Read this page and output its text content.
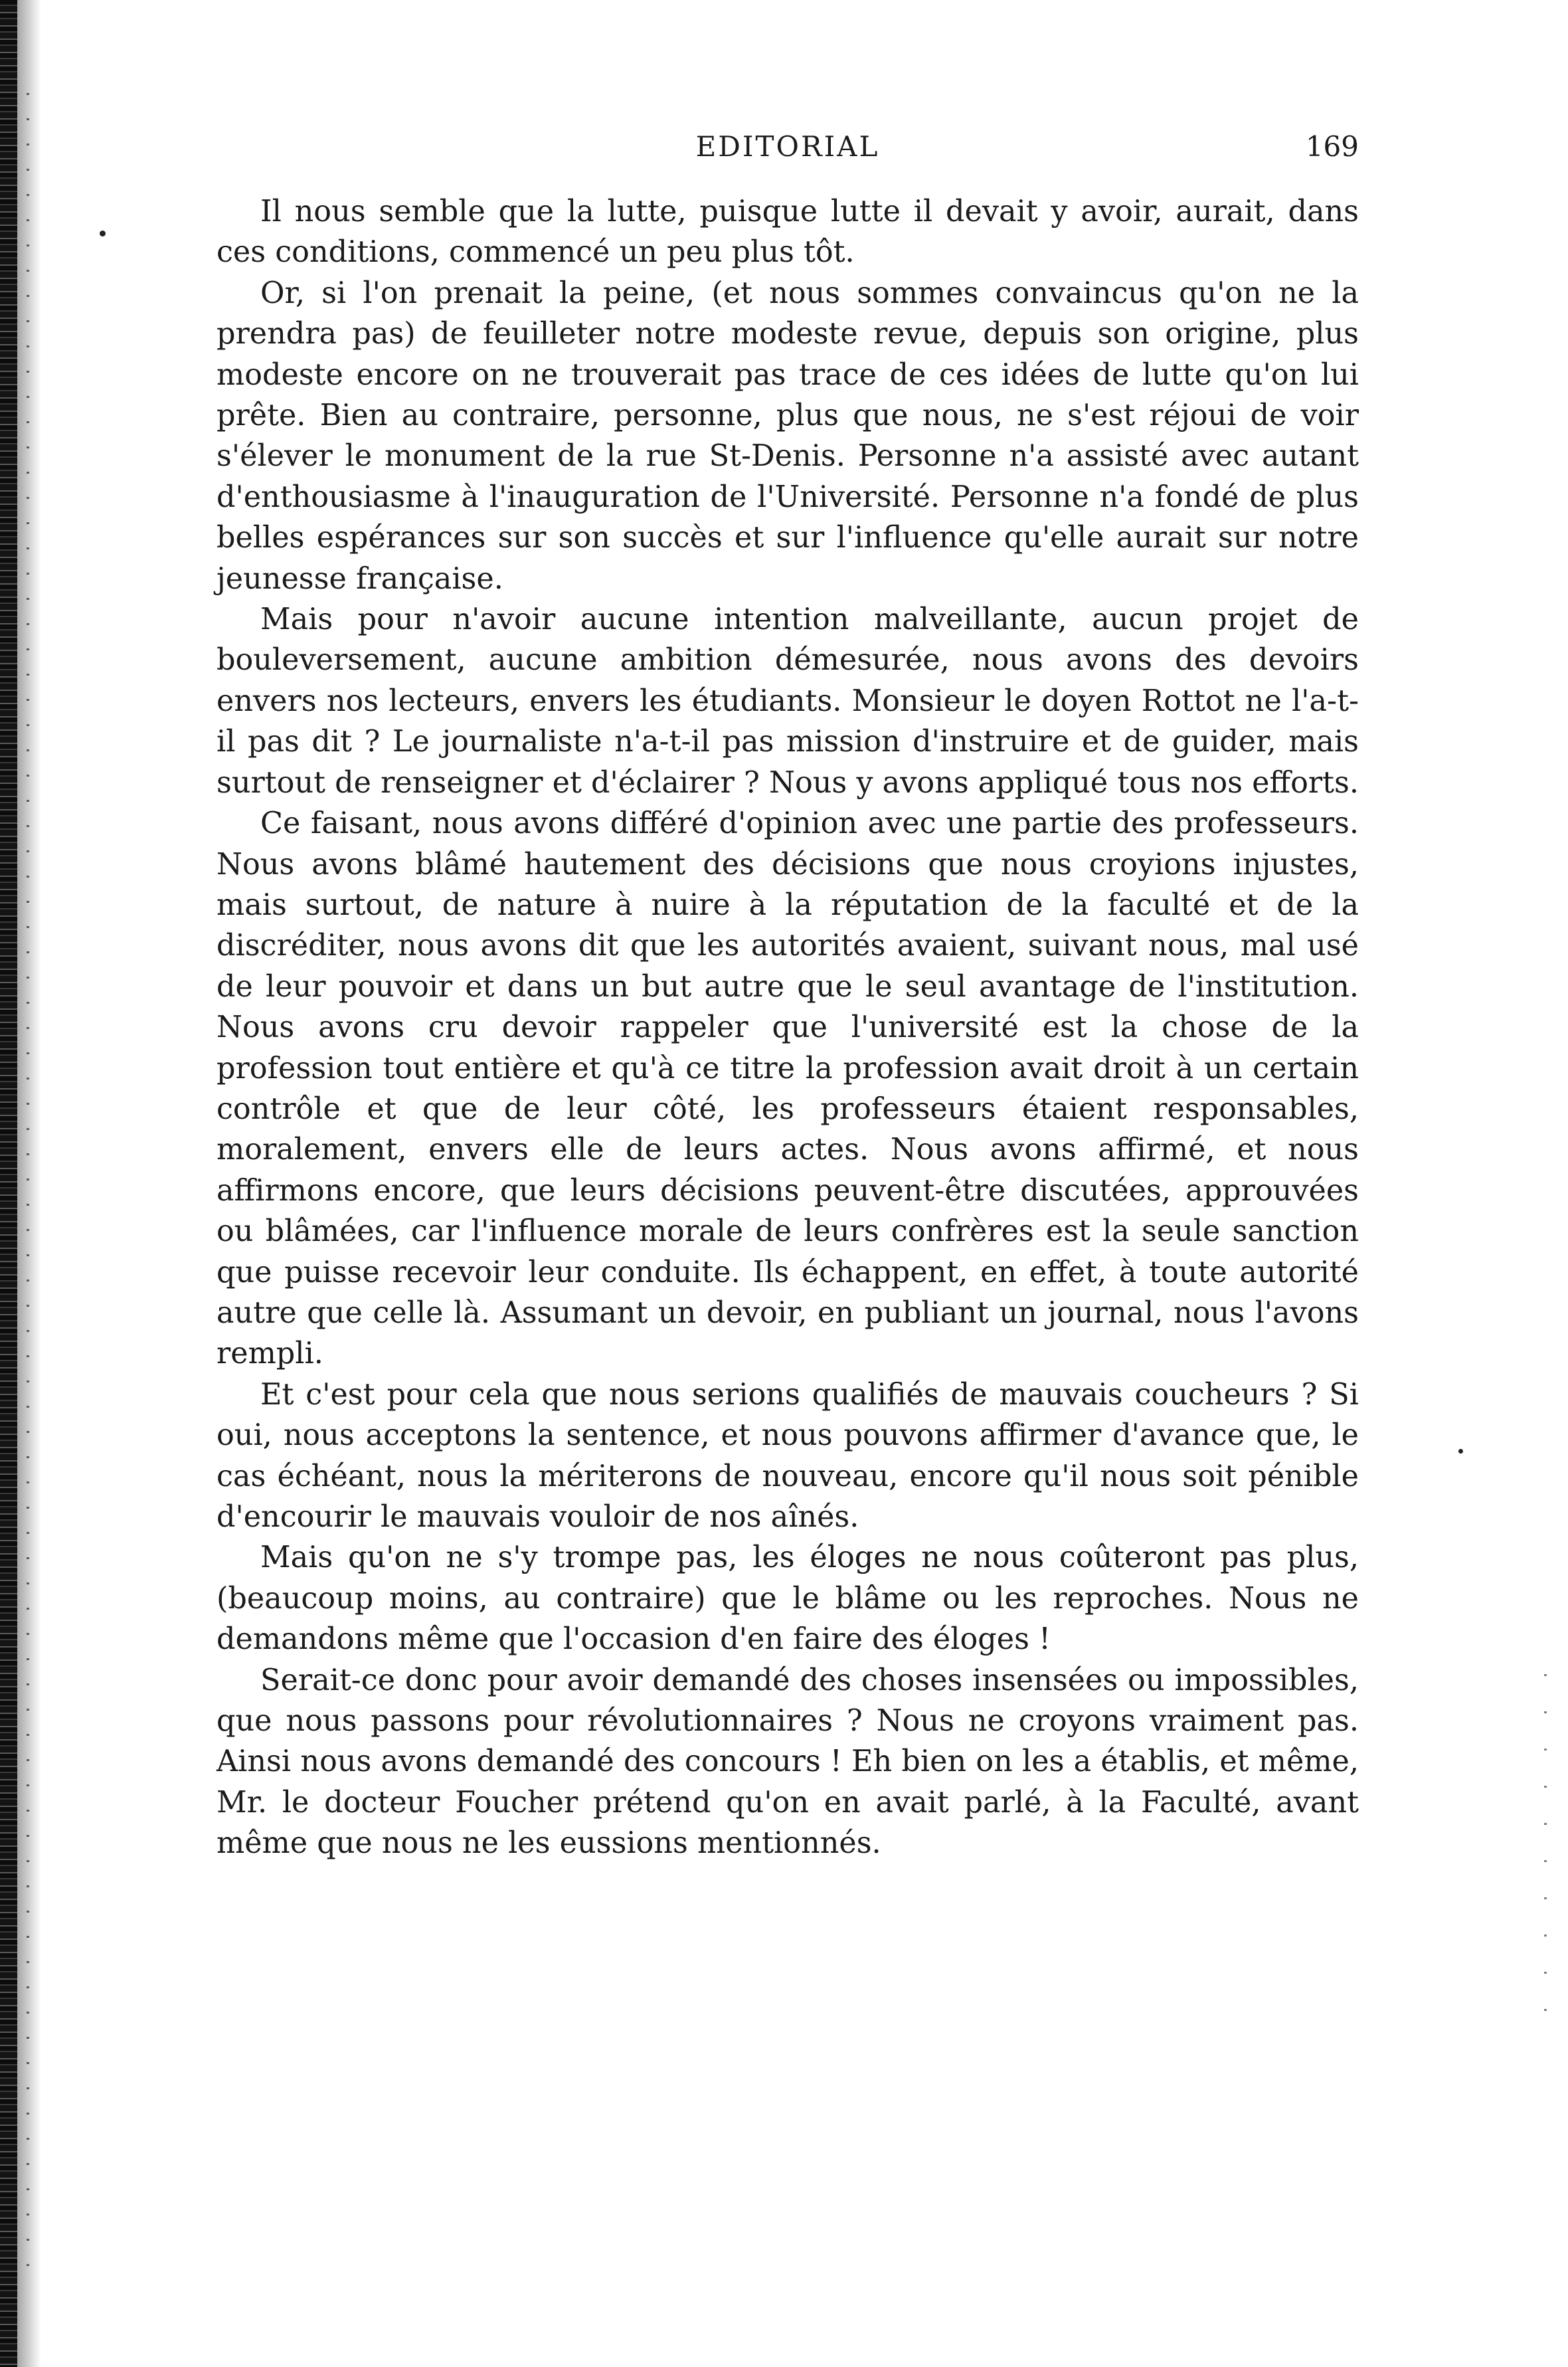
EDITORIAL	169

Il nous semble que la lutte, puisque lutte il devait y avoir, aurait, dans ces conditions, commencé un peu plus tôt.

Or, si l'on prenait la peine, (et nous sommes convaincus qu'on ne la prendra pas) de feuilleter notre modeste revue, depuis son origine, plus modeste encore on ne trouverait pas trace de ces idées de lutte qu'on lui prête. Bien au contraire, personne, plus que nous, ne s'est réjoui de voir s'élever le monument de la rue St-Denis. Personne n'a assisté avec autant d'enthousiasme à l'inauguration de l'Université. Personne n'a fondé de plus belles espérances sur son succès et sur l'influence qu'elle aurait sur notre jeunesse française.

Mais pour n'avoir aucune intention malveillante, aucun projet de bouleversement, aucune ambition démesurée, nous avons des devoirs envers nos lecteurs, envers les étudiants. Monsieur le doyen Rottot ne l'a-t-il pas dit ? Le journaliste n'a-t-il pas mission d'instruire et de guider, mais surtout de renseigner et d'éclairer ? Nous y avons appliqué tous nos efforts.

Ce faisant, nous avons différé d'opinion avec une partie des professeurs. Nous avons blâmé hautement des décisions que nous croyions injustes, mais surtout, de nature à nuire à la réputation de la faculté et de la discréditer, nous avons dit que les autorités avaient, suivant nous, mal usé de leur pouvoir et dans un but autre que le seul avantage de l'institution. Nous avons cru devoir rappeler que l'université est la chose de la profession tout entière et qu'à ce titre la profession avait droit à un certain contrôle et que de leur côté, les professeurs étaient responsables, moralement, envers elle de leurs actes. Nous avons affirmé, et nous affirmons encore, que leurs décisions peuvent-être discutées, approuvées ou blâmées, car l'influence morale de leurs confrères est la seule sanction que puisse recevoir leur conduite. Ils échappent, en effet, à toute autorité autre que celle là. Assumant un devoir, en publiant un journal, nous l'avons rempli.

Et c'est pour cela que nous serions qualifiés de mauvais coucheurs ? Si oui, nous acceptons la sentence, et nous pouvons affirmer d'avance que, le cas échéant, nous la mériterons de nouveau, encore qu'il nous soit pénible d'encourir le mauvais vouloir de nos aînés.

Mais qu'on ne s'y trompe pas, les éloges ne nous coûteront pas plus, (beaucoup moins, au contraire) que le blâme ou les reproches. Nous ne demandons même que l'occasion d'en faire des éloges !

Serait-ce donc pour avoir demandé des choses insensées ou impossibles, que nous passons pour révolutionnaires ? Nous ne croyons vraiment pas. Ainsi nous avons demandé des concours ! Eh bien on les a établis, et même, Mr. le docteur Foucher prétend qu'on en avait parlé, à la Faculté, avant même que nous ne les eussions mentionnés.
